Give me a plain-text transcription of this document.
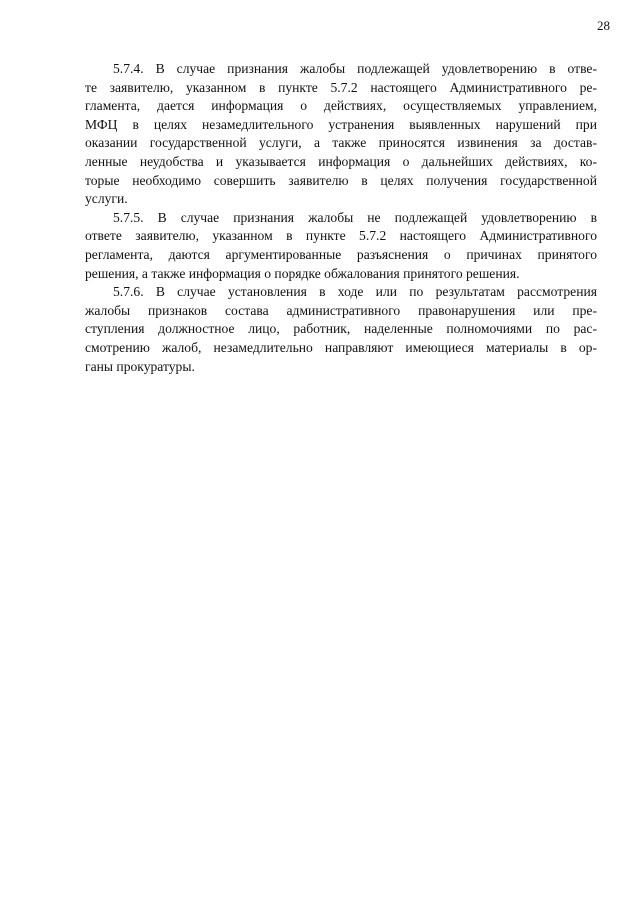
28
5.7.4. В случае признания жалобы подлежащей удовлетворению в отве-
те заявителю, указанном в пункте 5.7.2 настоящего Административного ре-
гламента, дается информация о действиях, осуществляемых управлением,
МФЦ в целях незамедлительного устранения выявленных нарушений при
оказании государственной услуги, а также приносятся извинения за достав-
ленные неудобства и указывается информация о дальнейших действиях, ко-
торые необходимо совершить заявителю в целях получения государственной
услуги.
5.7.5. В случае признания жалобы не подлежащей удовлетворению в
ответе заявителю, указанном в пункте 5.7.2 настоящего Административного
регламента, даются аргументированные разъяснения о причинах принятого
решения, а также информация о порядке обжалования принятого решения.
5.7.6. В случае установления в ходе или по результатам рассмотрения
жалобы признаков состава административного правонарушения или пре-
ступления должностное лицо, работник, наделенные полномочиями по рас-
смотрению жалоб, незамедлительно направляют имеющиеся материалы в ор-
ганы прокуратуры.
